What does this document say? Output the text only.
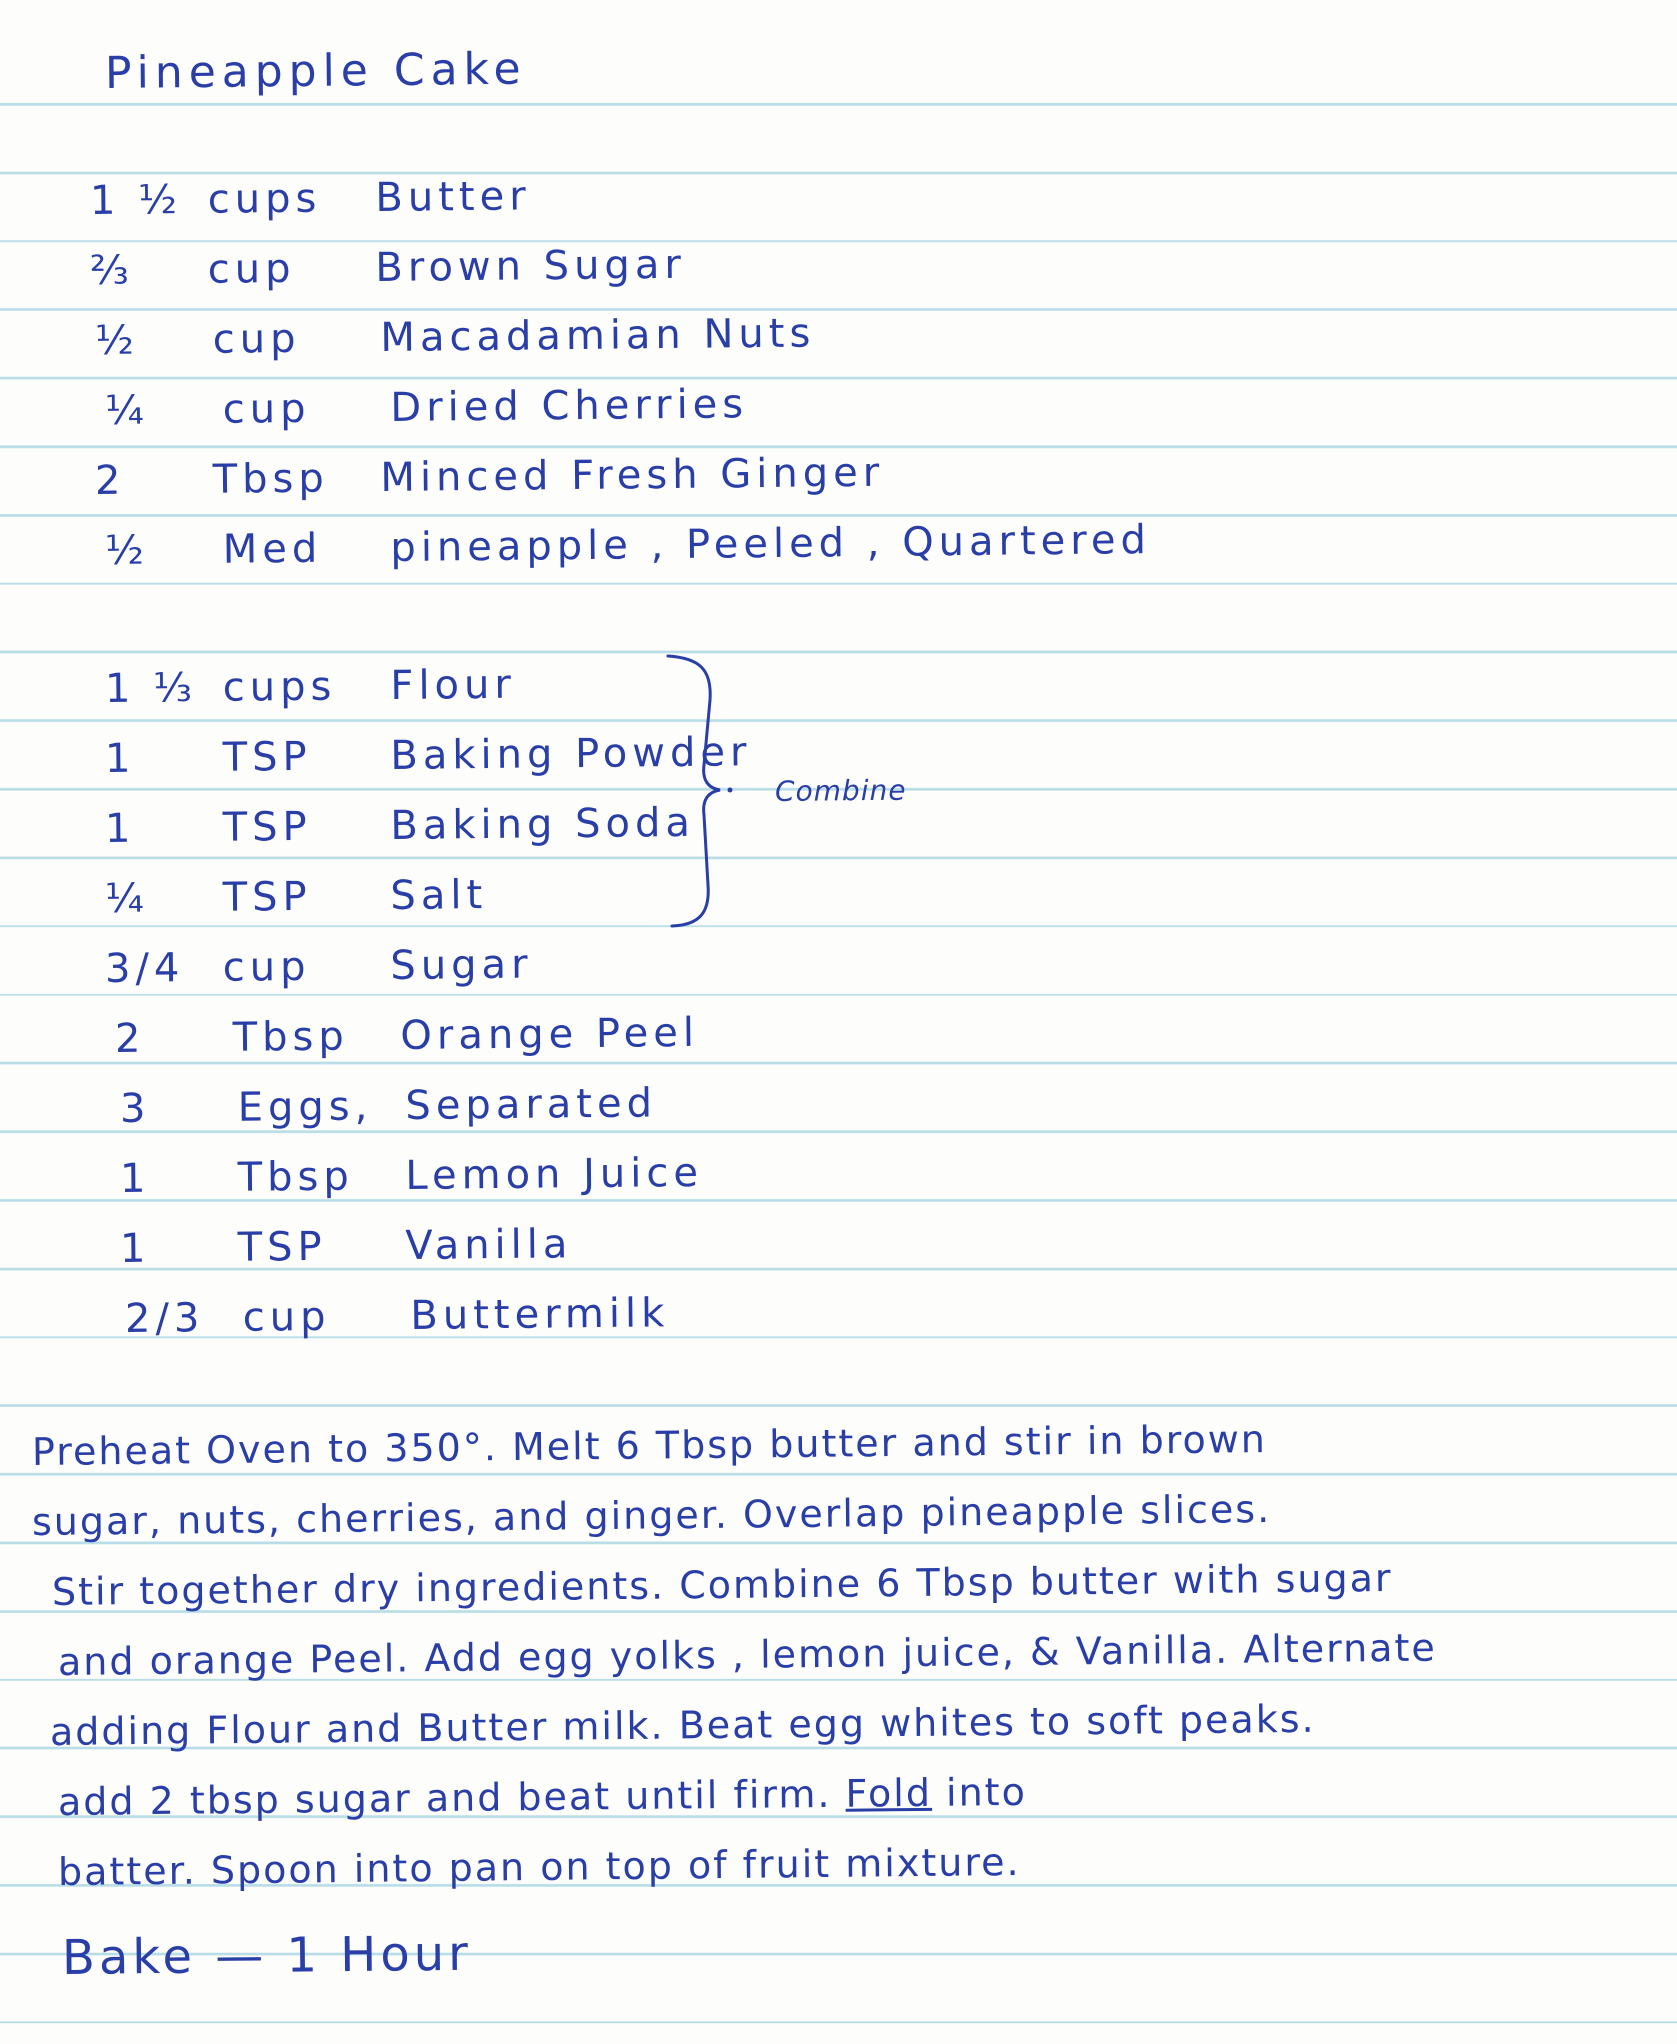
Pineapple Cake
1 ½ cups Butter
⅔ cup Brown Sugar
½ cup Macadamian Nuts
¼ cup Dried Cherries
2 Tbsp Minced Fresh Ginger
½ Med pineapple , Peeled , Quartered
1 ⅓ cups Flour
1 TSP Baking Powder
1 TSP Baking Soda
¼ TSP Salt
Combine
3/4 cup Sugar
2 Tbsp Orange Peel
3 Eggs, Separated
1 Tbsp Lemon Juice
1 TSP Vanilla
2/3 cup Buttermilk
Preheat Oven to 350°. Melt 6 Tbsp butter and stir in brown
sugar, nuts, cherries, and ginger. Overlap pineapple slices.
Stir together dry ingredients. Combine 6 Tbsp butter with sugar
and orange Peel. Add egg yolks , lemon juice, & Vanilla. Alternate
adding Flour and Butter milk. Beat egg whites to soft peaks.
add 2 tbsp sugar and beat until firm. Fold into
batter. Spoon into pan on top of fruit mixture.
Bake — 1 Hour
